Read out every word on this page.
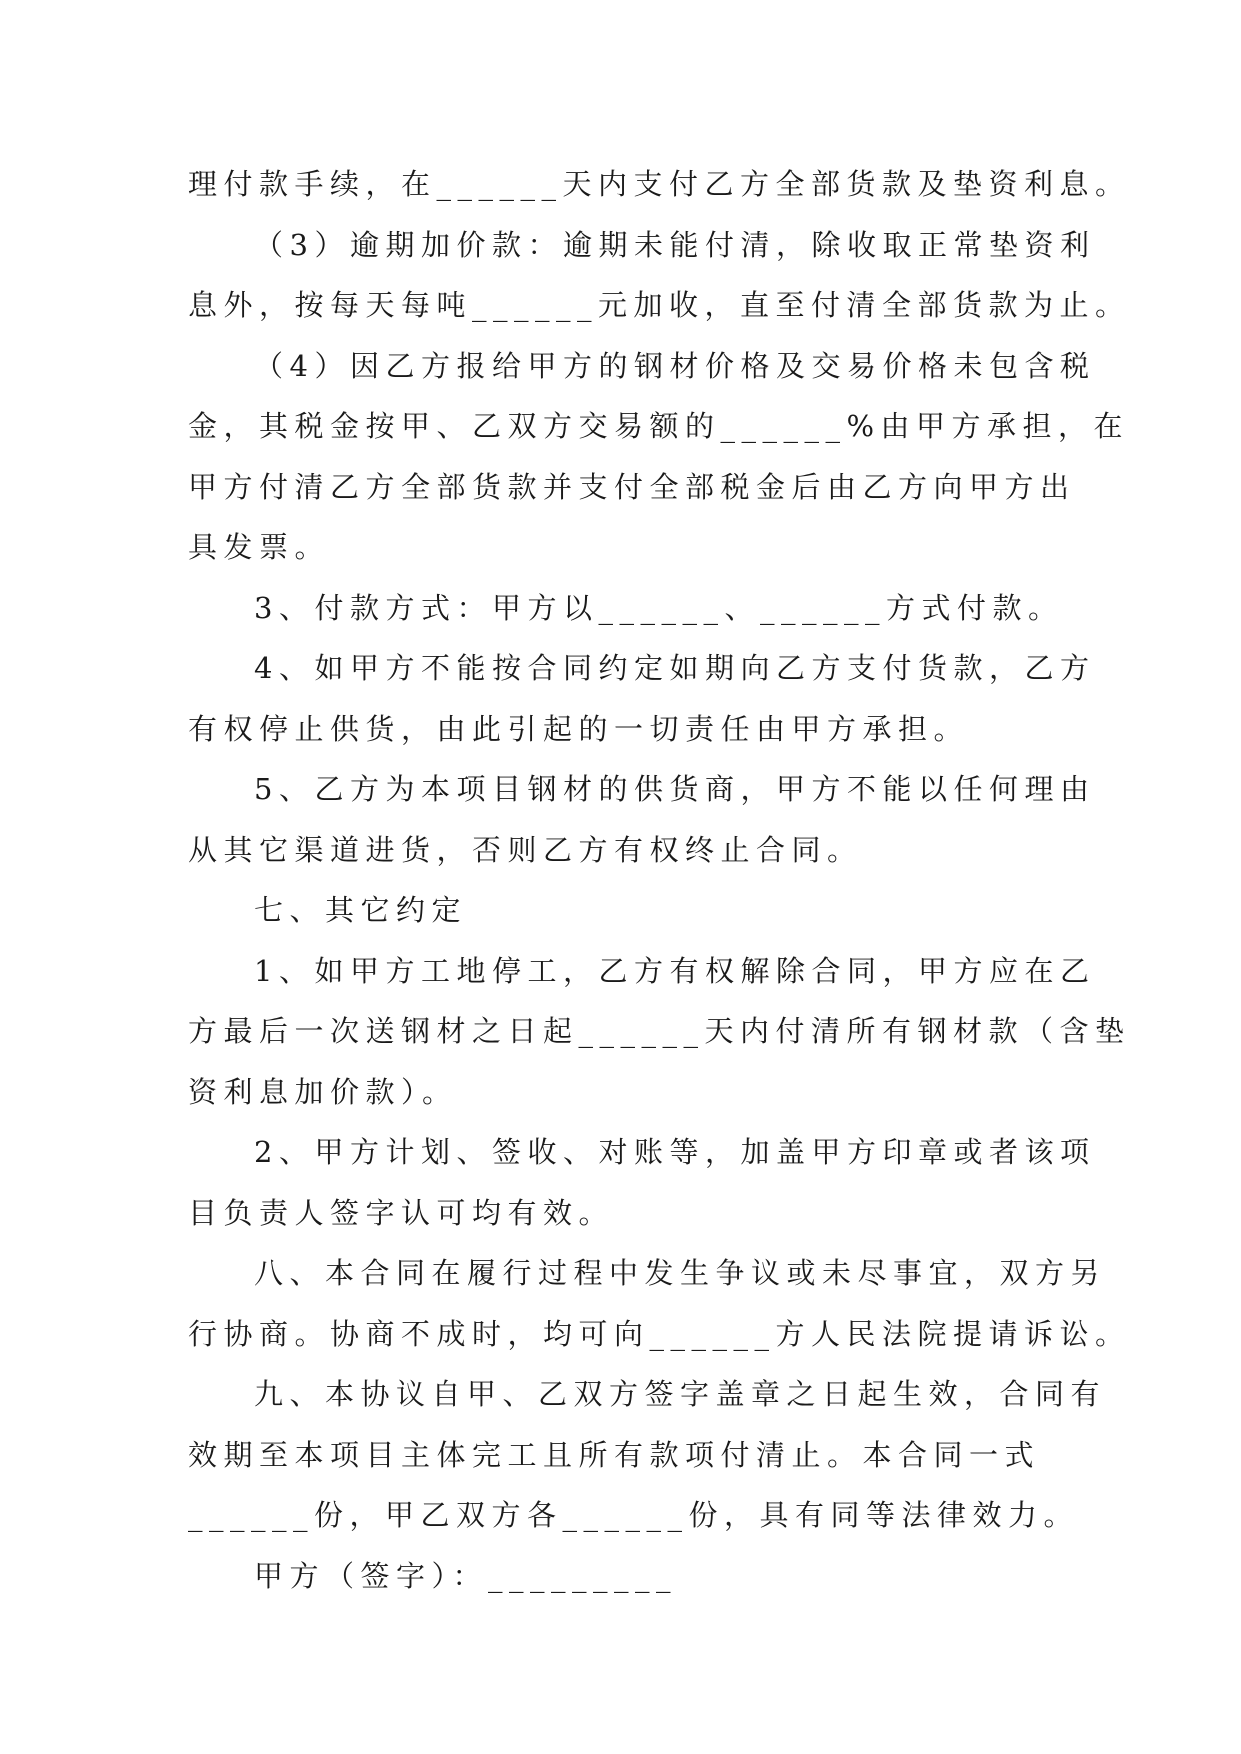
理付款手续，在______天内支付乙方全部货款及垫资利息。
（3）逾期加价款：逾期未能付清，除收取正常垫资利
息外，按每天每吨______元加收，直至付清全部货款为止。
（4）因乙方报给甲方的钢材价格及交易价格未包含税
金，其税金按甲、乙双方交易额的______%由甲方承担，在
甲方付清乙方全部货款并支付全部税金后由乙方向甲方出
具发票。
3、付款方式：甲方以______、______方式付款。
4、如甲方不能按合同约定如期向乙方支付货款，乙方
有权停止供货，由此引起的一切责任由甲方承担。
5、乙方为本项目钢材的供货商，甲方不能以任何理由
从其它渠道进货，否则乙方有权终止合同。
七、其它约定
1、如甲方工地停工，乙方有权解除合同，甲方应在乙
方最后一次送钢材之日起______天内付清所有钢材款（含垫
资利息加价款）。
2、甲方计划、签收、对账等，加盖甲方印章或者该项
目负责人签字认可均有效。
八、本合同在履行过程中发生争议或未尽事宜，双方另
行协商。协商不成时，均可向______方人民法院提请诉讼。
九、本协议自甲、乙双方签字盖章之日起生效，合同有
效期至本项目主体完工且所有款项付清止。本合同一式
______份，甲乙双方各______份，具有同等法律效力。
甲方（签字）：_________
